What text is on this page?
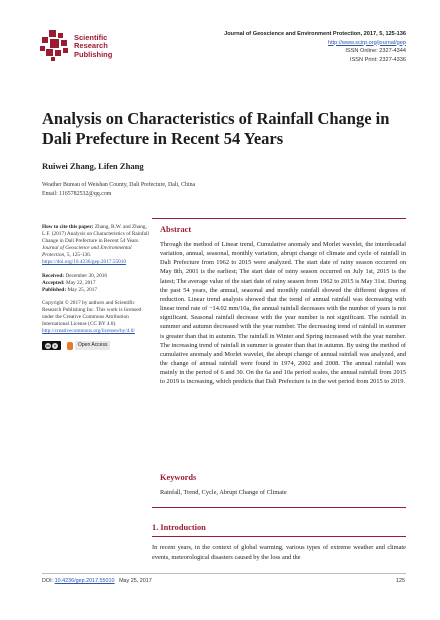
Scientific
Research
Publishing
Journal of Geoscience and Environment Protection, 2017, 5, 125-136
http://www.scirp.org/journal/gep
ISSN Online: 2327-4344
ISSN Print: 2327-4336
Analysis on Characteristics of Rainfall Change in Dali Prefecture in Recent 54 Years
Ruiwei Zhang, Lifen Zhang
Weather Bureau of Weishan County, Dali Prefecture, Dali, China
Email: 1165782532@qq.com

How to cite this paper: Zhang, R.W. and Zhang, L.F. (2017) Analysis on Characteristics of Rainfall Change in Dali Prefecture in Recent 54 Years. Journal of Geoscience and Environmental Protection, 5, 125-136.
https://doi.org/10.4236/gep.2017.55010

Received: December 30, 2016
Accepted: May 22, 2017
Published: May 25, 2017

Copyright © 2017 by authors and Scientific Research Publishing Inc. This work is licensed under the Creative Commons Attribution International License (CC BY 4.0).
http://creativecommons.org/licenses/by/4.0/

cc	●	Open Access
Abstract
Through the method of Linear trend, Cumulative anomaly and Morlet wavelet, the interdecadal variation, annual, seasonal, monthly variation, abrupt change of climate and cycle of rainfall in Dali Prefecture from 1962 to 2015 were analyzed. The start date of rainy season occurred on May 8th, 2001 is the earliest; The start date of rainy season occurred on July 1st, 2015 is the latest; The average value of the start date of rainy season from 1962 to 2015 is May 31st. During the past 54 years, the annual, seasonal and monthly rainfall showed the different degrees of reduction. Linear trend analysis showed that the trend of annual rainfall was decreasing with linear trend rate of −14.02 mm/10a, the annual rainfall decreases with the number of years is not significant. Seasonal rainfall decrease with the year number is not significant. The rainfall in summer and autumn decreased with the year number. The decreasing trend of rainfall in summer is greater than that in autumn. The rainfall in Winter and Spring increased with the year number. The increasing trend of rainfall in summer is greater than that in autumn. By using the method of cumulative anomaly and Morlet wavelet, the abrupt change of annual rainfall was analyzed, and the change of annual rainfall were found in 1974, 2002 and 2008. The annual rainfall was mainly in the period of 6 and 30. On the 6a and 10a period scales, the annual rainfall from 2015 to 2019 is increasing, which predicts that Dali Prefecture is in the wet period from 2015 to 2019.
Keywords
Rainfall, Trend, Cycle, Abrupt Change of Climate
1. Introduction
In recent years, in the context of global warming, various types of extreme weather and climate events, meteorological disasters caused by the loss and the
DOI: 10.4236/gep.2017.55010 May 25, 2017	125
